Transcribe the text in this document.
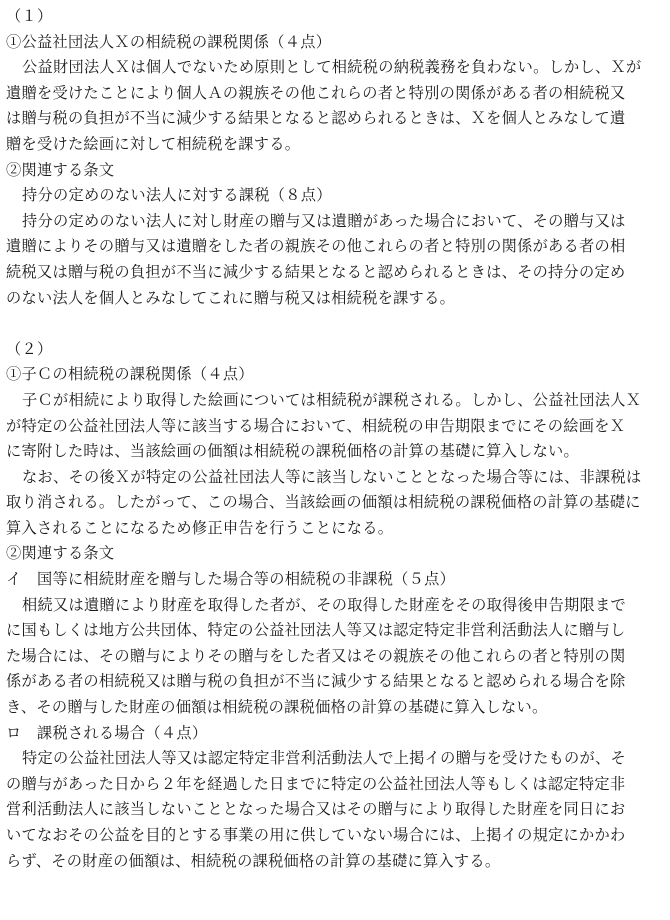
（１）
①公益社団法人Ｘの相続税の課税関係（４点）
公益財団法人Ｘは個人でないため原則として相続税の納税義務を負わない。しかし、Ｘが
遺贈を受けたことにより個人Ａの親族その他これらの者と特別の関係がある者の相続税又
は贈与税の負担が不当に減少する結果となると認められるときは、Ｘを個人とみなして遺
贈を受けた絵画に対して相続税を課する。
②関連する条文
持分の定めのない法人に対する課税（８点）
持分の定めのない法人に対し財産の贈与又は遺贈があった場合において、その贈与又は
遺贈によりその贈与又は遺贈をした者の親族その他これらの者と特別の関係がある者の相
続税又は贈与税の負担が不当に減少する結果となると認められるときは、その持分の定め
のない法人を個人とみなしてこれに贈与税又は相続税を課する。
（２）
①子Ｃの相続税の課税関係（４点）
子Ｃが相続により取得した絵画については相続税が課税される。しかし、公益社団法人Ｘ
が特定の公益社団法人等に該当する場合において、相続税の申告期限までにその絵画をＸ
に寄附した時は、当該絵画の価額は相続税の課税価格の計算の基礎に算入しない。
なお、その後Ｘが特定の公益社団法人等に該当しないこととなった場合等には、非課税は
取り消される。したがって、この場合、当該絵画の価額は相続税の課税価格の計算の基礎に
算入されることになるため修正申告を行うことになる。
②関連する条文
イ　国等に相続財産を贈与した場合等の相続税の非課税（５点）
相続又は遺贈により財産を取得した者が、その取得した財産をその取得後申告期限まで
に国もしくは地方公共団体、特定の公益社団法人等又は認定特定非営利活動法人に贈与し
た場合には、その贈与によりその贈与をした者又はその親族その他これらの者と特別の関
係がある者の相続税又は贈与税の負担が不当に減少する結果となると認められる場合を除
き、その贈与した財産の価額は相続税の課税価格の計算の基礎に算入しない。
ロ　課税される場合（４点）
特定の公益社団法人等又は認定特定非営利活動法人で上掲イの贈与を受けたものが、そ
の贈与があった日から２年を経過した日までに特定の公益社団法人等もしくは認定特定非
営利活動法人に該当しないこととなった場合又はその贈与により取得した財産を同日にお
いてなおその公益を目的とする事業の用に供していない場合には、上掲イの規定にかかわ
らず、その財産の価額は、相続税の課税価格の計算の基礎に算入する。
